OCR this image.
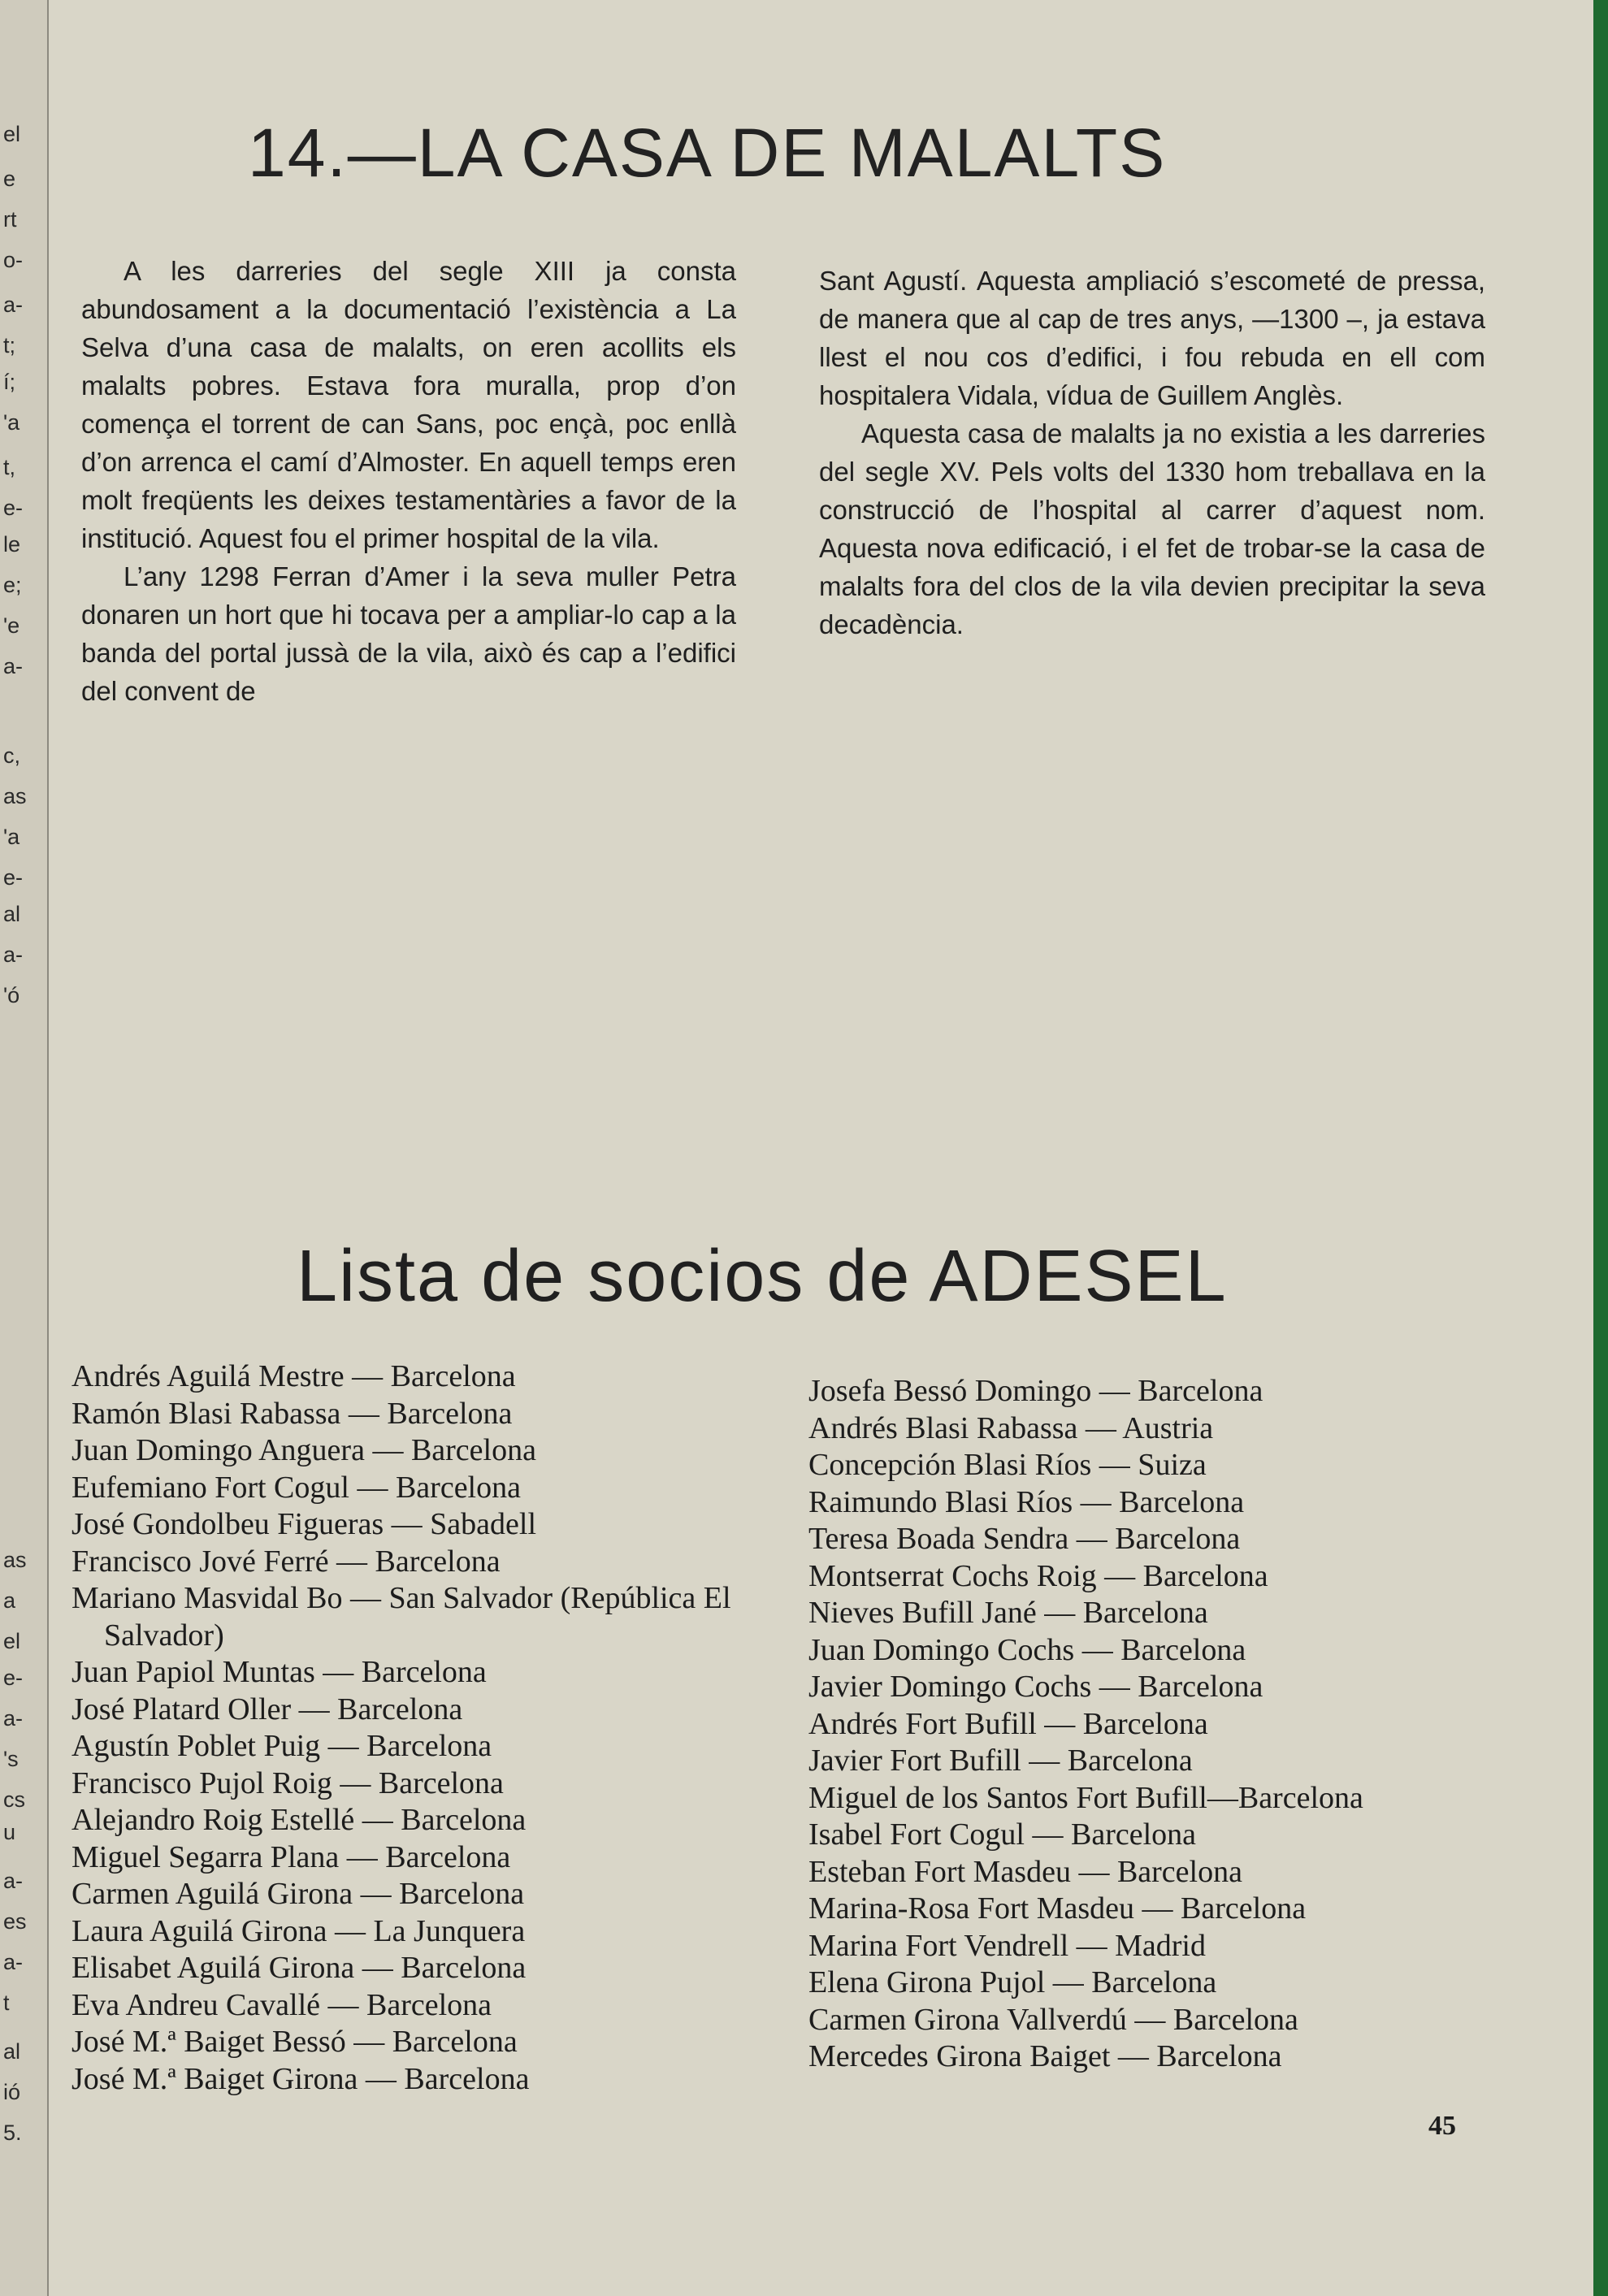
el
e
rt
o-
a-
t;
í;
'a
t,
e-
le
e;
'e
a-
c,
as
'a
e-
al
a-
'ó
as
a
el
e-
a-
's
cs
u
a-
es
a-
t
al
ió
5.
14.—LA CASA DE MALALTS

A les darreries del segle XIII ja consta abundosament a la documentació l’existència a La Selva d’una casa de malalts, on eren acollits els malalts pobres. Estava fora muralla, prop d’on comença el torrent de can Sans, poc ençà, poc enllà d’on arrenca el camí d’Almoster. En aquell temps eren molt freqüents les deixes testamentàries a favor de la institució. Aquest fou el primer hospital de la vila.

L’any 1298 Ferran d’Amer i la seva muller Petra donaren un hort que hi tocava per a ampliar-lo cap a la banda del portal jussà de la vila, això és cap a l’edifici del convent de

Sant Agustí. Aquesta ampliació s’escometé de pressa, de manera que al cap de tres anys, —1300 –, ja estava llest el nou cos d’edifici, i fou rebuda en ell com hospitalera Vidala, vídua de Guillem Anglès.

Aquesta casa de malalts ja no existia a les darreries del segle XV. Pels volts del 1330 hom treballava en la construcció de l’hospital al carrer d’aquest nom. Aquesta nova edificació, i el fet de trobar-se la casa de malalts fora del clos de la vila devien precipitar la seva decadència.

Lista de socios de ADESEL
Andrés Aguilá Mestre — Barcelona
Ramón Blasi Rabassa — Barcelona
Juan Domingo Anguera — Barcelona
Eufemiano Fort Cogul — Barcelona
José Gondolbeu Figueras — Sabadell
Francisco Jové Ferré — Barcelona
Mariano Masvidal Bo — San Salvador (República El Salvador)
Juan Papiol Muntas — Barcelona
José Platard Oller — Barcelona
Agustín Poblet Puig — Barcelona
Francisco Pujol Roig — Barcelona
Alejandro Roig Estellé — Barcelona
Miguel Segarra Plana — Barcelona
Carmen Aguilá Girona — Barcelona
Laura Aguilá Girona — La Junquera
Elisabet Aguilá Girona — Barcelona
Eva Andreu Cavallé — Barcelona
José M.ª Baiget Bessó — Barcelona
José M.ª Baiget Girona — Barcelona
Josefa Bessó Domingo — Barcelona
Andrés Blasi Rabassa — Austria
Concepción Blasi Ríos — Suiza
Raimundo Blasi Ríos — Barcelona
Teresa Boada Sendra — Barcelona
Montserrat Cochs Roig — Barcelona
Nieves Bufill Jané — Barcelona
Juan Domingo Cochs — Barcelona
Javier Domingo Cochs — Barcelona
Andrés Fort Bufill — Barcelona
Javier Fort Bufill — Barcelona
Miguel de los Santos Fort Bufill—Barcelona
Isabel Fort Cogul — Barcelona
Esteban Fort Masdeu — Barcelona
Marina-Rosa Fort Masdeu — Barcelona
Marina Fort Vendrell — Madrid
Elena Girona Pujol — Barcelona
Carmen Girona Vallverdú — Barcelona
Mercedes Girona Baiget — Barcelona
45
